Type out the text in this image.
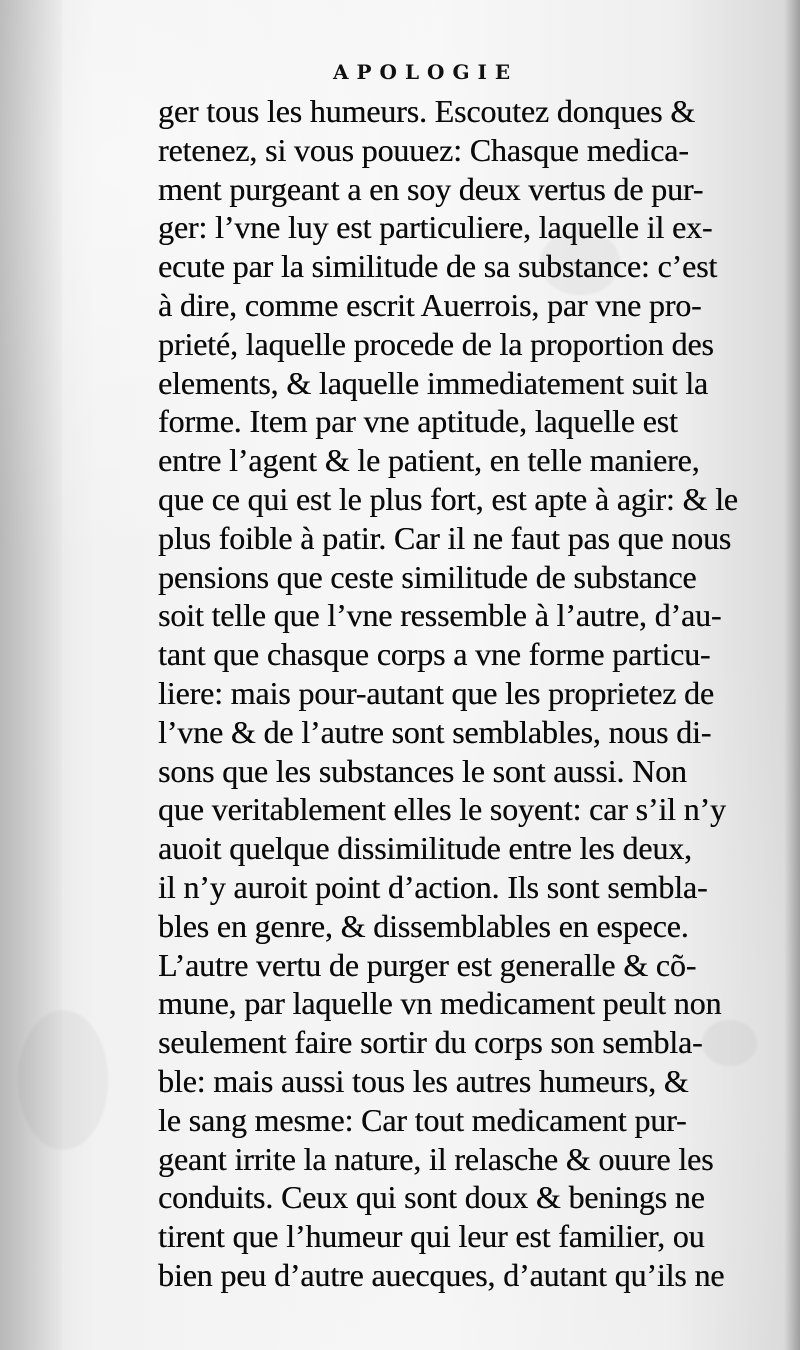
APOLOGIE
ger tous les humeurs. Escoutez donques &
retenez, si vous pouuez: Chasque medica-
ment purgeant a en soy deux vertus de pur-
ger: l’vne luy est particuliere, laquelle il ex-
ecute par la similitude de sa substance: c’est
à dire, comme escrit Auerrois, par vne pro-
prieté, laquelle procede de la proportion des
elements, & laquelle immediatement suit la
forme. Item par vne aptitude, laquelle est
entre l’agent & le patient, en telle maniere,
que ce qui est le plus fort, est apte à agir: & le
plus foible à patir. Car il ne faut pas que nous
pensions que ceste similitude de substance
soit telle que l’vne ressemble à l’autre, d’au-
tant que chasque corps a vne forme particu-
liere: mais pour-autant que les proprietez de
l’vne & de l’autre sont semblables, nous di-
sons que les substances le sont aussi. Non
que veritablement elles le soyent: car s’il n’y
auoit quelque dissimilitude entre les deux,
il n’y auroit point d’action. Ils sont sembla-
bles en genre, & dissemblables en espece.
L’autre vertu de purger est generalle & cõ-
mune, par laquelle vn medicament peult non
seulement faire sortir du corps son sembla-
ble: mais aussi tous les autres humeurs, &
le sang mesme: Car tout medicament pur-
geant irrite la nature, il relasche & ouure les
conduits. Ceux qui sont doux & benings ne
tirent que l’humeur qui leur est familier, ou
bien peu d’autre auecques, d’autant qu’ils ne
